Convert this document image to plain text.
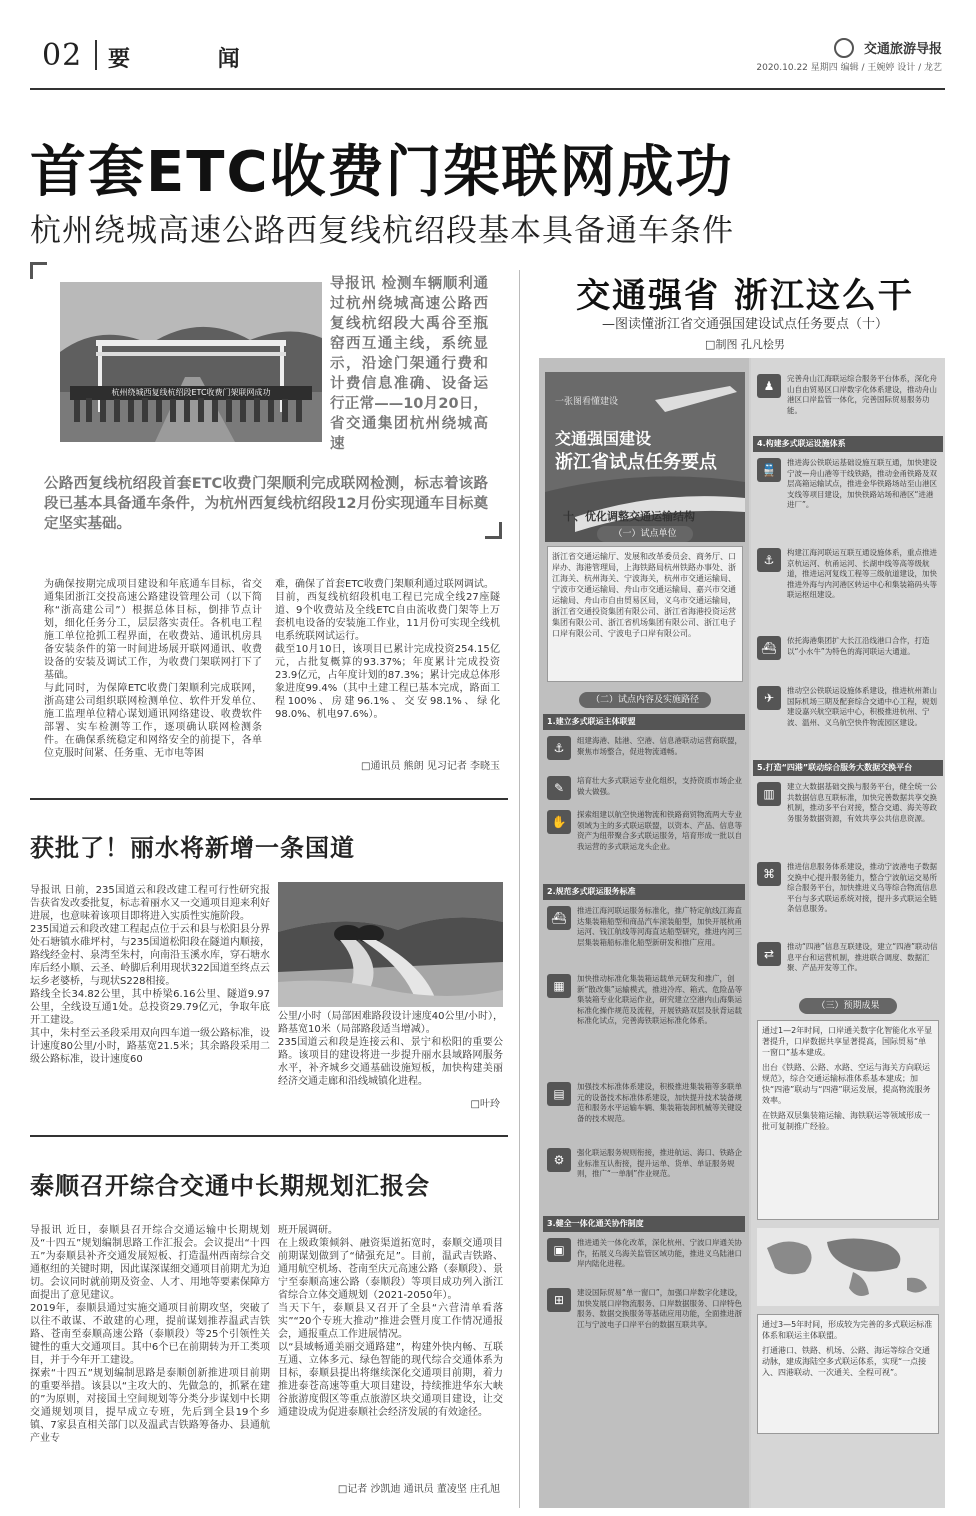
02 要 闻	交通旅游导报
2020.10.22 星期四 编辑 / 王婉婷 设计 / 龙艺
首套ETC收费门架联网成功
杭州绕城高速公路西复线杭绍段基本具备通车条件
杭州绕城西复线杭绍段ETC收费门架联网成功
导报讯 检测车辆顺利通过杭州绕城高速公路西复线杭绍段大禹谷至瓶窑西互通主线，系统显示，沿途门架通行费和计费信息准确、设备运行正常——10月20日，省交通集团杭州绕城高速
公路西复线杭绍段首套ETC收费门架顺利完成联网检测，标志着该路段已基本具备通车条件，为杭州西复线杭绍段12月份实现通车目标奠定坚实基础。
为确保按期完成项目建设和年底通车目标，省交通集团浙江交投高速公路建设管理公司（以下简称“浙高建公司”）根据总体目标，倒排节点计划，细化任务分工，层层落实责任。各机电工程施工单位抢抓工程界面，在收费站、通讯机房具备安装条件的第一时间进场展开联网通讯、收费设备的安装及调试工作，为收费门架联网打下了基础。
与此同时，为保障ETC收费门架顺利完成联网，浙高建公司组织联网检测单位、软件开发单位、施工监理单位精心谋划通讯网络建设、收费软件部署、实车检测等工作，逐项确认联网检测条件。在确保系统稳定和网络安全的前提下，各单位克服时间紧、任务重、无市电等困
难，确保了首套ETC收费门架顺利通过联网调试。
目前，西复线杭绍段机电工程已完成全线27座隧道、9个收费站及全线ETC自由流收费门架等上万套机电设备的安装施工作业，11月份可实现全线机电系统联网试运行。
截至10月10日，该项目已累计完成投资254.15亿元，占批复概算的93.37%；年度累计完成投资23.9亿元，占年度计划的87.3%；累计完成总体形象进度99.4%（其中土建工程已基本完成，路面工程100%、房建96.1%、交安98.1%、绿化98.0%、机电97.6%）。
□通讯员 熊朗 见习记者 李晓玉
获批了！丽水将新增一条国道
导报讯 日前，235国道云和段改建工程可行性研究报告获省发改委批复，标志着丽水又一交通项目迎来利好进展，也意味着该项目即将进入实质性实施阶段。
235国道云和段改建工程起点位于云和县与松阳县分界处石塘镇水碓坪村，与235国道松阳段在隧道内顺接，路线经金村、泉湾至朱村，向南沿玉溪水库，穿石塘水库后经小顺、云圣、岭脚后利用现状322国道至终点云坛乡老婆桥，与现状S228相接。
路线全长34.82公里，其中桥梁6.16公里、隧道9.97公里，全线设互通1处。总投资29.79亿元，争取年底开工建设。
其中，朱村至云圣段采用双向四车道一级公路标准，设计速度80公里/小时，路基宽21.5米；其余路段采用二级公路标准，设计速度60
公里/小时（局部困难路段设计速度40公里/小时），路基宽10米（局部路段适当增减）。
235国道云和段是连接云和、景宁和松阳的重要公路。该项目的建设将进一步提升丽水县域路网服务水平，补齐城乡交通基础设施短板，加快构建美丽经济交通走廊和沿线城镇化进程。
□叶玲
泰顺召开综合交通中长期规划汇报会
导报讯 近日，泰顺县召开综合交通运输中长期规划及“十四五”规划编制思路工作汇报会。会议提出“十四五”为泰顺县补齐交通发展短板、打造温州西南综合交通枢纽的关键时期，因此谋深谋细交通项目前期尤为迫切。会议同时就前期及资金、人才、用地等要素保障方面提出了意见建议。
2019年，泰顺县通过实施交通项目前期攻坚，突破了以往不敢谋、不敢建的心理，提前谋划推荐温武吉铁路、苍南至泰顺高速公路（泰顺段）等25个引领性关键性的重大交通项目。其中6个已在前期转为开工类项目，并于今年开工建设。
探索“十四五”规划编制思路是泰顺创新推进项目前期的重要举措。该县以“主攻大的、先做急的，抓紧在建的”为原则，对接国土空间规划等分类分步谋划中长期交通规划项目，提早成立专班，先后到全县19个乡镇、7家县直相关部门以及温武吉铁路筹备办、县通航产业专
班开展调研。
在上级政策倾斜、融资渠道拓宽时，泰顺交通项目前期谋划做到了“储强充足”。目前，温武吉铁路、通用航空机场、苍南至庆元高速公路（泰顺段）、景宁至泰顺高速公路（泰顺段）等项目成功列入浙江省综合立体交通规划（2021-2050年）。
当天下午，泰顺县又召开了全县“六营清单看落实”“20个专班大推动”推进会暨月度工作情况通报会，通报重点工作进展情况。
以“县域畅通美丽交通路建”，构建外快内畅、互联互通、立体多元、绿色智能的现代综合交通体系为目标，泰顺县提出将继续深化交通项目前期，着力推进泰苍高速等重大项目建设，持续推进华东大峡谷旅游度假区等重点旅游区块交通项目建设，让交通建设成为促进泰顺社会经济发展的有效途径。
□记者 沙凯迪 通讯员 董凌坚 庄孔旭
交通强省 浙江这么干
—图读懂浙江省交通强国建设试点任务要点（十）
□制图 孔凡桧男
一张图看懂建设
交通强国建设
浙江省试点任务要点
十、优化调整交通运输结构
（一）试点单位
浙江省交通运输厅、发展和改革委员会、商务厅、口岸办、海港管理局，上海铁路局杭州铁路办事处、浙江海关、杭州海关、宁波海关，杭州市交通运输局、宁波市交通运输局、舟山市交通运输局、嘉兴市交通运输局、舟山市自由贸易区局，义乌市交通运输局，浙江省交通投资集团有限公司、浙江省海港投资运营集团有限公司、浙江省机场集团有限公司、浙江电子口岸有限公司、宁波电子口岸有限公司。
（二）试点内容及实施路径
1.建立多式联运主体联盟
⚓

组建海港、陆港、空港、信息港联动运营商联盟，聚焦市场整合，促进物流通畅。

✎

培育壮大多式联运专业化组织，支持资质市场企业做大做强。

✋

探索组建以航空快递物流和铁路商贸物流两大专业领域为主的多式联运联盟，以资本、产品、信息等资产为纽带聚合多式联运服务，培育形成一批以自我运营的多式联运龙头企业。

2.规范多式联运服务标准
⛴

推进江海河联运服务标准化，推广特定航线江海直达集装箱船型和商品汽车滚装船型，加快开展杭甬运河、钱江航线等河海直达船型研究，推进内河三层集装箱船标准化船型新研发和推广应用。

▦

加快推动标准化集装箱运载单元研发和推广，创新“散改集”运输模式，推进冷库、箱式、危险品等集装箱专业化联运作业，研究建立空港内山海集运标准化操作规范及流程，开展铁路双层及驮背运载标准化试点，完善海铁联运标准化体系。

▤

加强技术标准体系建设，积极推进集装箱等多联单元的设备技术标准体系建设，加快提升技术装备规范和服务水平运输车辆、集装箱装卸机械等关键设备的技术规范。

⚙

强化联运服务规则衔接，推进航运、海口、铁路企业标准互认衔接，提升运单、货单、单证服务规则，推广“一单制”作业规范。

3.健全一体化通关协作制度
▣

推进通关一体化改革，深化杭州、宁波口岸通关协作，拓展义乌海关监管区域功能，推进义乌陆港口岸内陆化进程。

⊞

建设国际贸易“单一窗口”，加强口岸数字化建设，加快发展口岸物流服务、口岸数据服务、口岸特色服务、数据交换服务等基础应用功能，全面推进浙江与宁波电子口岸平台的数据互联共享。

♟

完善舟山江海联运综合服务平台体系，深化舟山自由贸易区口岸数字化体系建设，推动舟山港区口岸监管一体化，完善国际贸易服务功能。

4.构建多式联运设施体系
🚆

推进海公铁联运基础设施互联互通，加快建设宁波—舟山港等干线铁路，推动金甬铁路及双层高箱运输试点，推进金华铁路场站至山港区支线等项目建设，加快铁路站场和港区“进港进厂”。

⚓

构建江海河联运互联互通设施体系，重点推进京杭运河、杭甬运河、长湖申线等高等级航道，推进运河复线工程等三级航道建设，加快推进外海与内河港区转运中心和集装箱码头等联运枢纽建设。

⛴

依托海港集团扩大长江沿线港口合作，打造以“小水牛”为特色的海河联运大通道。

✈

推动空公铁联运设施体系建设，推进杭州萧山国际机场三期及配套综合交通中心工程，规划建设嘉兴航空联运中心，积极推进杭州、宁波、温州、义乌航空快件物流园区建设。

5.打造“四港”联动综合服务大数据交换平台
▥

建立大数据基础交换与服务平台，健全统一公共数据信息互联标准，加快完善数据共享交换机制，推动多平台对接，整合交通、海关等政务服务数据资源，有效共享公共信息资源。

⌘

推进信息服务体系建设，推动宁波港电子数据交换中心提升服务能力，整合宁波航运交易所综合服务平台，加快推进义乌等综合物流信息平台与多式联运系统对接，提升多式联运全链条信息服务。

⇄

推动“四港”信息互联建设，建立“四港”联动信息平台和运营机制，推进联合调度、数据汇聚、产品开发等工作。

（三）预期成果

通过1—2年时间，口岸通关数字化智能化水平显著提升，口岸数据共享显著提高，国际贸易“单一窗口”基本建成。

出台《铁路、公路、水路、空运与海关方向联运规范》，综合交通运输标准体系基本建成；加快“四港”联动与“四港”联运发展，提高物流服务效率。

在铁路双层集装箱运输、海铁联运等领域形成一批可复制推广经验。

通过3—5年时间，形成较为完善的多式联运标准体系和联运主体联盟。

打通港口、铁路、机场、公路、海运等综合交通动脉，建成海陆空多式联运体系，实现“一点接入、四港联动、一次通关、全程可视”。
